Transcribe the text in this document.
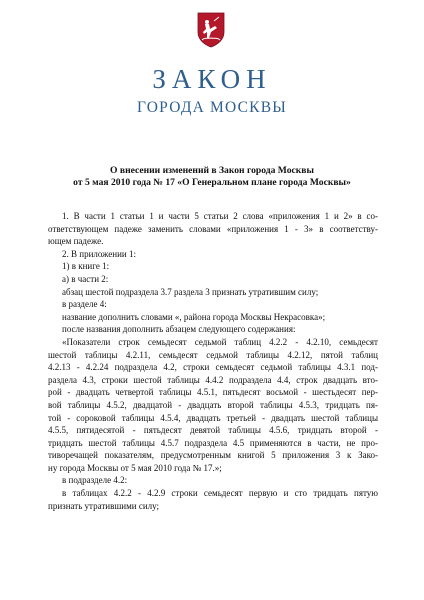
ЗАКОН
ГОРОДА МОСКВЫ
О внесении изменений в Закон города Москвы
от 5 мая 2010 года № 17 «О Генеральном плане города Москвы»
1. В части 1 статьи 1 и части 5 статьи 2 слова «приложения 1 и 2» в со-
ответствующем падеже заменить словами «приложения 1 - 3» в соответству-
ющем падеже.
2. В приложении 1:
1) в книге 1:
а) в части 2:
абзац шестой подраздела 3.7 раздела 3 признать утратившим силу;
в разделе 4:
название дополнить словами «, района города Москвы Некрасовка»;
после названия дополнить абзацем следующего содержания:
«Показатели строк семьдесят седьмой таблиц 4.2.2 - 4.2.10, семьдесят
шестой таблицы 4.2.11, семьдесят седьмой таблицы 4.2.12, пятой таблиц
4.2.13 - 4.2.24 подраздела 4.2, строки семьдесят седьмой таблицы 4.3.1 под-
раздела 4.3, строки шестой таблицы 4.4.2 подраздела 4.4, строк двадцать вто-
рой - двадцать четвертой таблицы 4.5.1, пятьдесят восьмой - шестьдесят пер-
вой таблицы 4.5.2, двадцатой - двадцать второй таблицы 4.5.3, тридцать пя-
той - сороковой таблицы 4.5.4, двадцать третьей - двадцать шестой таблицы
4.5.5, пятидесятой - пятьдесят девятой таблицы 4.5.6, тридцать второй -
тридцать шестой таблицы 4.5.7 подраздела 4.5 применяются в части, не про-
тиворечащей показателям, предусмотренным книгой 5 приложения 3 к Зако-
ну города Москвы от 5 мая 2010 года № 17.»;
в подразделе 4.2:
в таблицах 4.2.2 - 4.2.9 строки семьдесят первую и сто тридцать пятую
признать утратившими силу;
